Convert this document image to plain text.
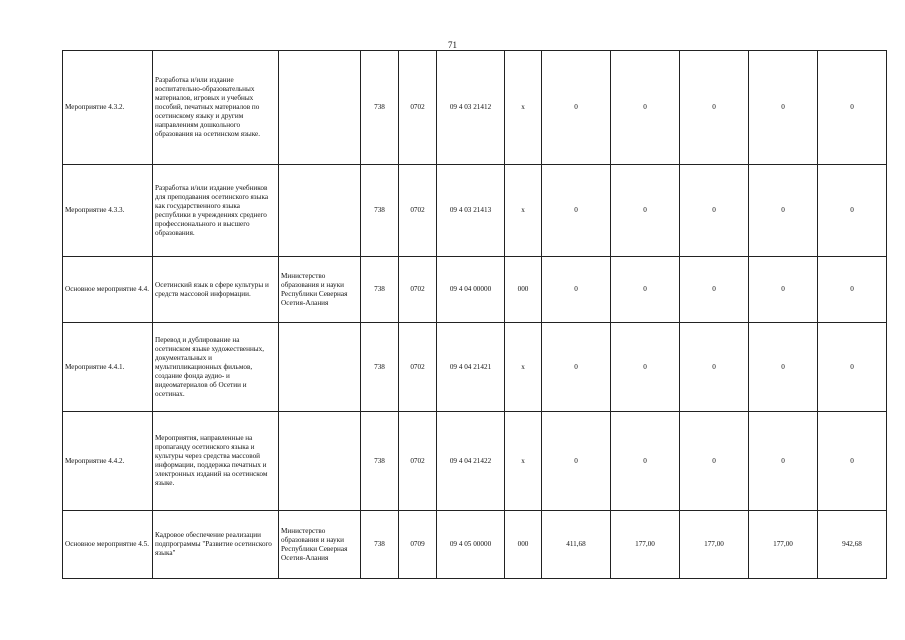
71
Мероприятие 4.3.2.	Разработка и/или издание воспитательно-образовательных материалов, игровых и учебных пособий, печатных материалов по осетинскому языку и другим направлениям дошкольного образования на осетинском языке.		738	0702	09 4 03 21412	х	0	0	0	0	0
Мероприятие 4.3.3.	Разработка и/или издание учебников для преподавания осетинского языка как государственного языка республики в учреждениях среднего профессионального и высшего образования.		738	0702	09 4 03 21413	х	0	0	0	0	0
Основное мероприятие 4.4.	Осетинский язык в сфере культуры и средств массовой информации.	Министерство образования и науки Республики Северная Осетия-Алания	738	0702	09 4 04 00000	000	0	0	0	0	0
Мероприятие 4.4.1.	Перевод и дублирование на осетинском языке художественных, документальных и мультипликационных фильмов, создание фонда аудио- и видеоматериалов об Осетии и осетинах.		738	0702	09 4 04 21421	х	0	0	0	0	0
Мероприятие 4.4.2.	Мероприятия, направленные на пропаганду осетинского языка и культуры через средства массовой информации, поддержка печатных и электронных изданий на осетинском языке.		738	0702	09 4 04 21422	х	0	0	0	0	0
Основное мероприятие 4.5.	Кадровое обеспечение реализации подпрограммы "Развитие осетинского языка"	Министерство образования и науки Республики Северная Осетия-Алания	738	0709	09 4 05 00000	000	411,68	177,00	177,00	177,00	942,68
